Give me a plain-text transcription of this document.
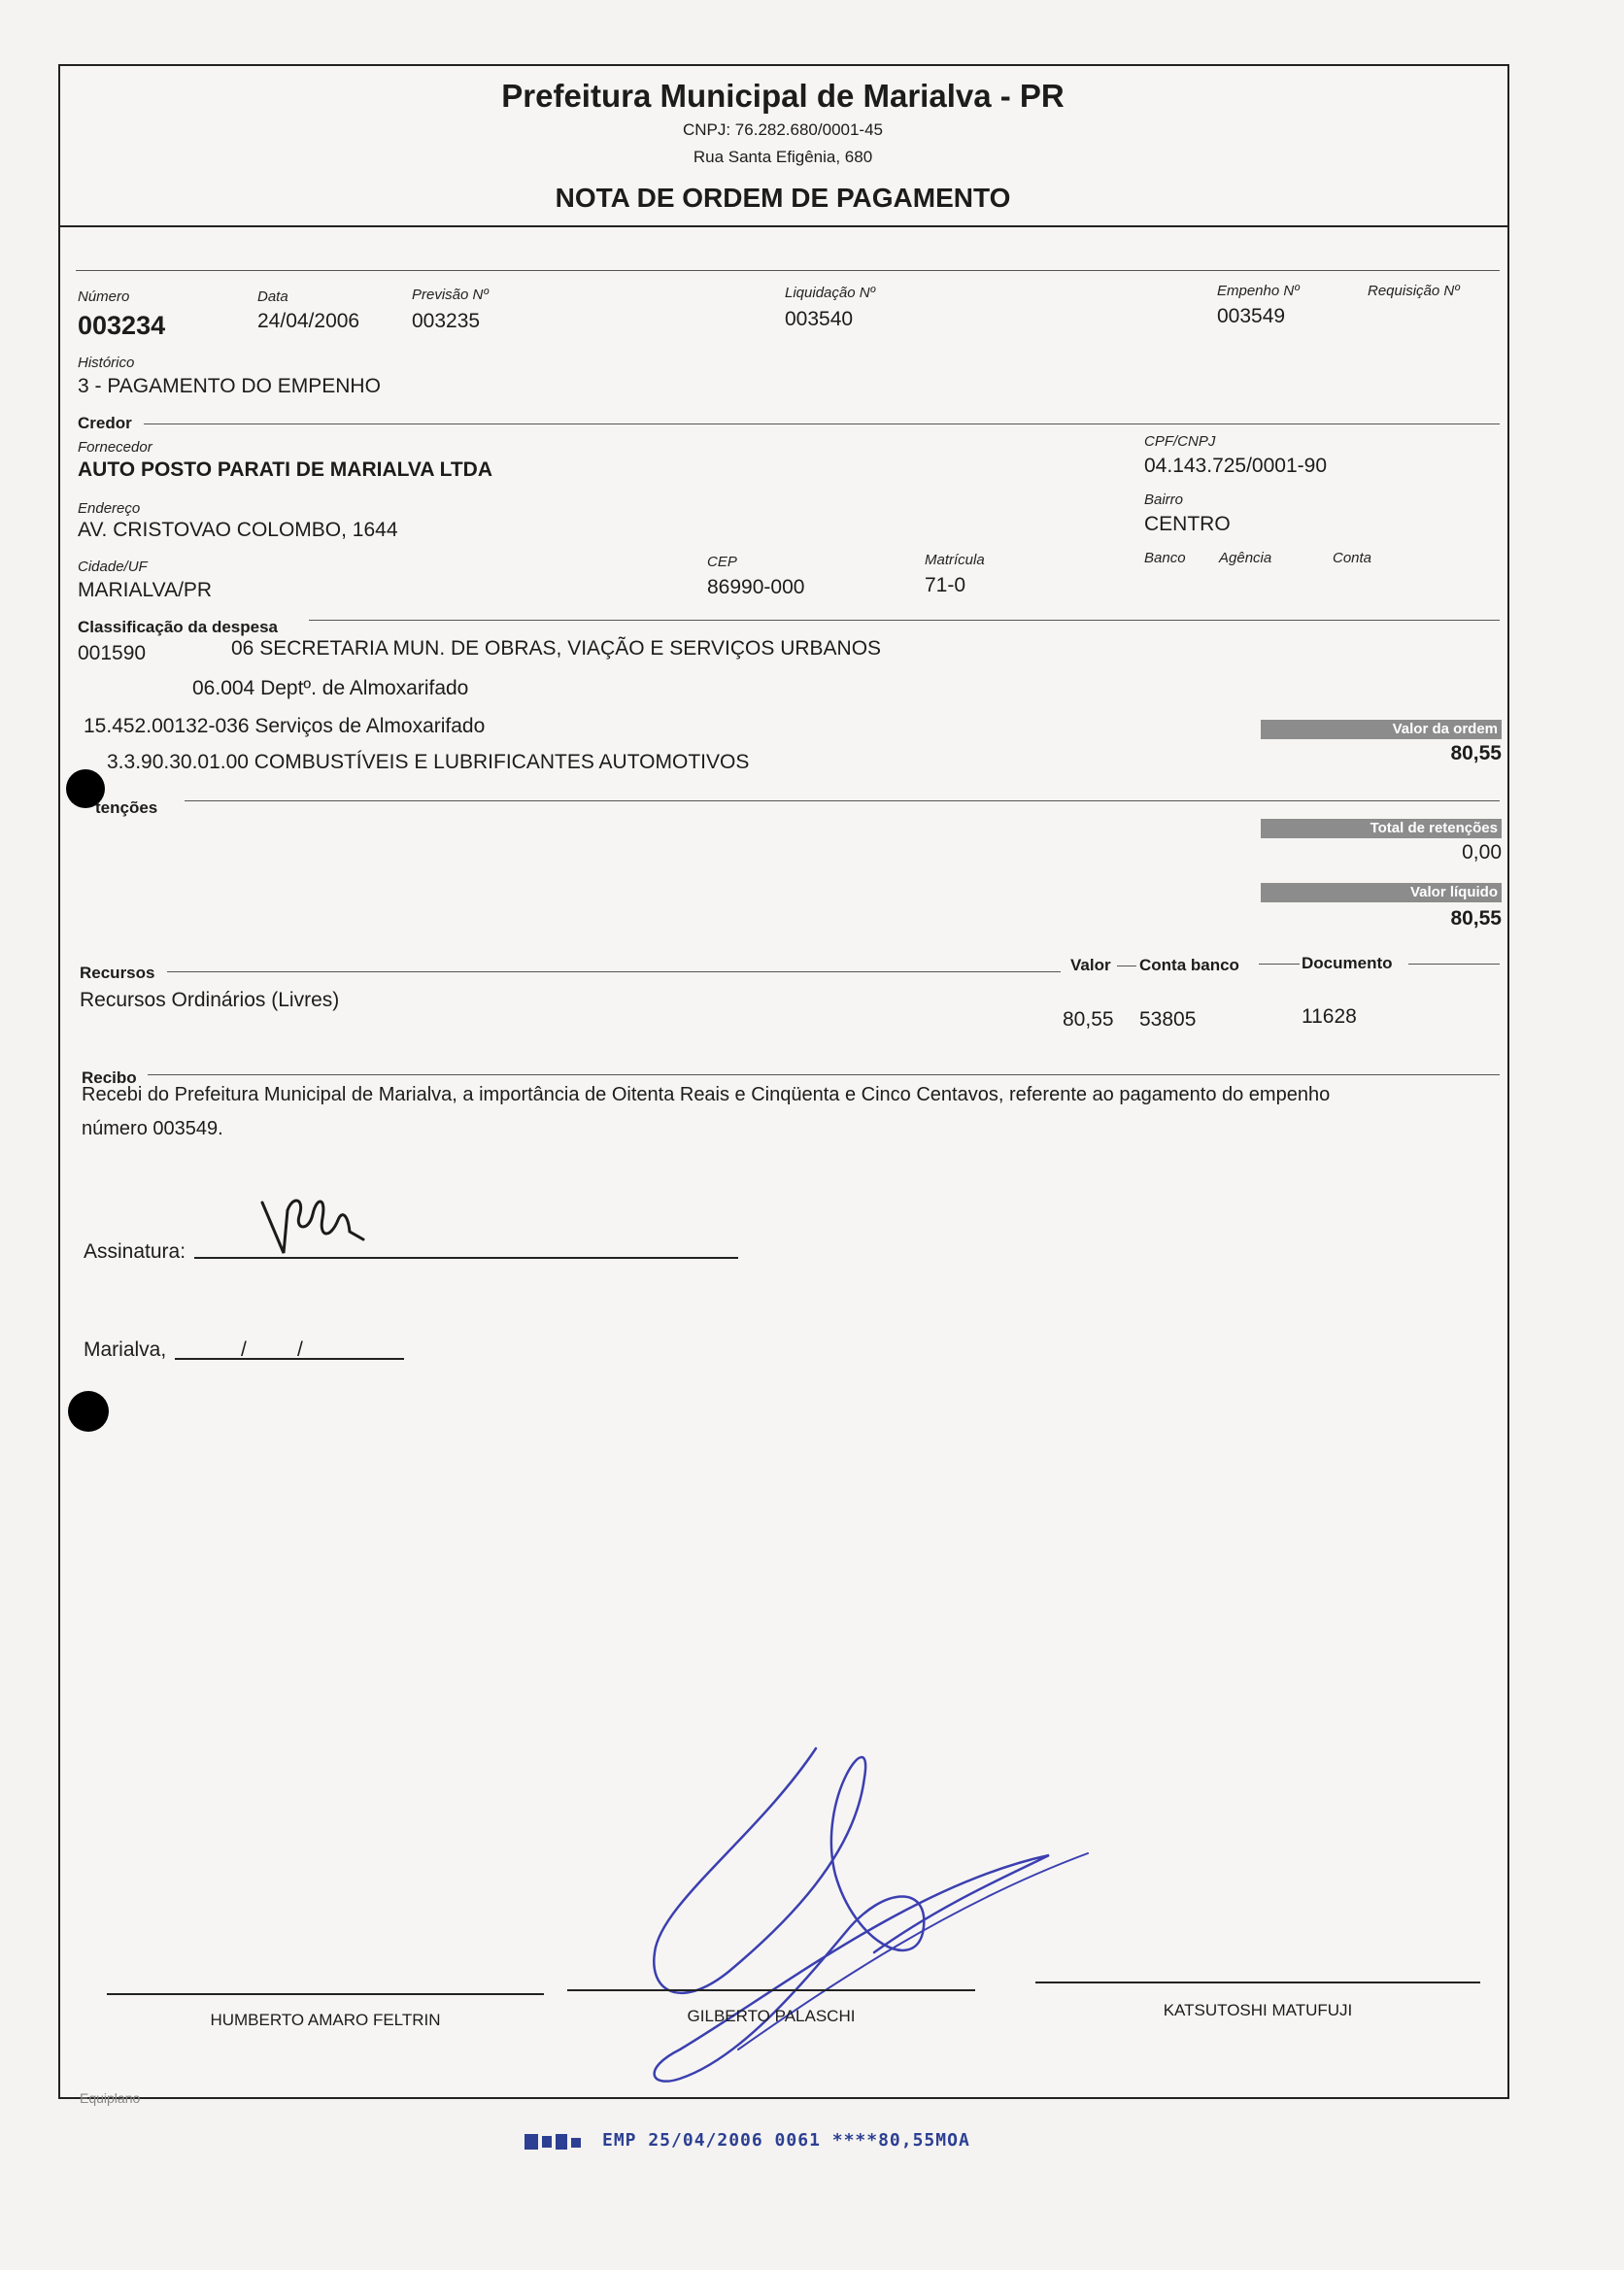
Prefeitura Municipal de Marialva - PR
CNPJ: 76.282.680/0001-45
Rua Santa Efigênia, 680
NOTA DE ORDEM DE PAGAMENTO
Número
003234
Data
24/04/2006
Previsão Nº
003235
Liquidação Nº
003540
Empenho Nº
003549
Requisição Nº
Histórico
3 - PAGAMENTO DO EMPENHO
Credor
Fornecedor
AUTO POSTO PARATI DE MARIALVA LTDA
CPF/CNPJ
04.143.725/0001-90
Endereço
AV. CRISTOVAO COLOMBO, 1644
Bairro
CENTRO
Cidade/UF
MARIALVA/PR
CEP
86990-000
Matrícula
71-0
Banco Agência	Conta
Classificação da despesa
001590	06 SECRETARIA MUN. DE OBRAS, VIAÇÃO E SERVIÇOS URBANOS
06.004 Deptº. de Almoxarifado
15.452.00132-036 Serviços de Almoxarifado
3.3.90.30.01.00 COMBUSTÍVEIS E LUBRIFICANTES AUTOMOTIVOS
Valor da ordem
80,55
tenções
Total de retenções
0,00
Valor líquido
80,55
Recursos	Valor Conta banco	Documento
Recursos Ordinários (Livres)
80,55 53805	11628
Recibo
Recebi do Prefeitura Municipal de Marialva, a importância de Oitenta Reais e Cinqüenta e Cinco Centavos, referente ao pagamento do empenho
número 003549.
Assinatura:
Marialva,	/ /
HUMBERTO AMARO FELTRIN	GILBERTO PALASCHI	KATSUTOSHI MATUFUJI
Equiplano
EMP 25/04/2006 0061 ****80,55MOA
